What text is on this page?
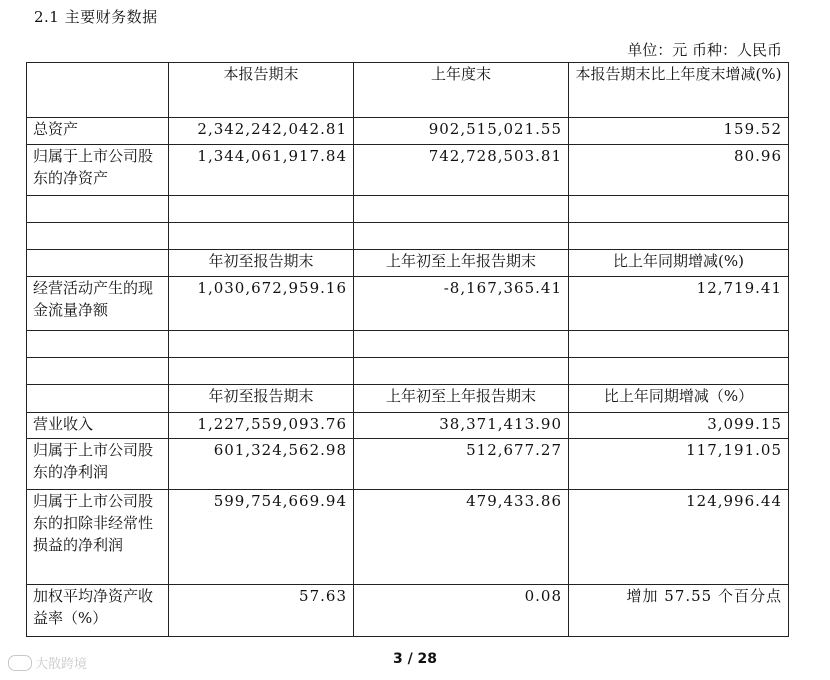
2.1 主要财务数据
单位：元 币种：人民币
	本报告期末	上年度末	本报告期末比上年度末增减(%)
总资产	2,342,242,042.81	902,515,021.55	159.52
归属于上市公司股东的净资产	1,344,061,917.84	742,728,503.81	80.96

	年初至报告期末	上年初至上年报告期末	比上年同期增减(%)
经营活动产生的现金流量净额	1,030,672,959.16	-8,167,365.41	12,719.41

	年初至报告期末	上年初至上年报告期末	比上年同期增减（%）
营业收入	1,227,559,093.76	38,371,413.90	3,099.15
归属于上市公司股东的净利润	601,324,562.98	512,677.27	117,191.05
归属于上市公司股东的扣除非经常性损益的净利润	599,754,669.94	479,433.86	124,996.44
加权平均净资产收益率（%）	57.63	0.08	增加 57.55 个百分点
大散跨境	3 / 28
